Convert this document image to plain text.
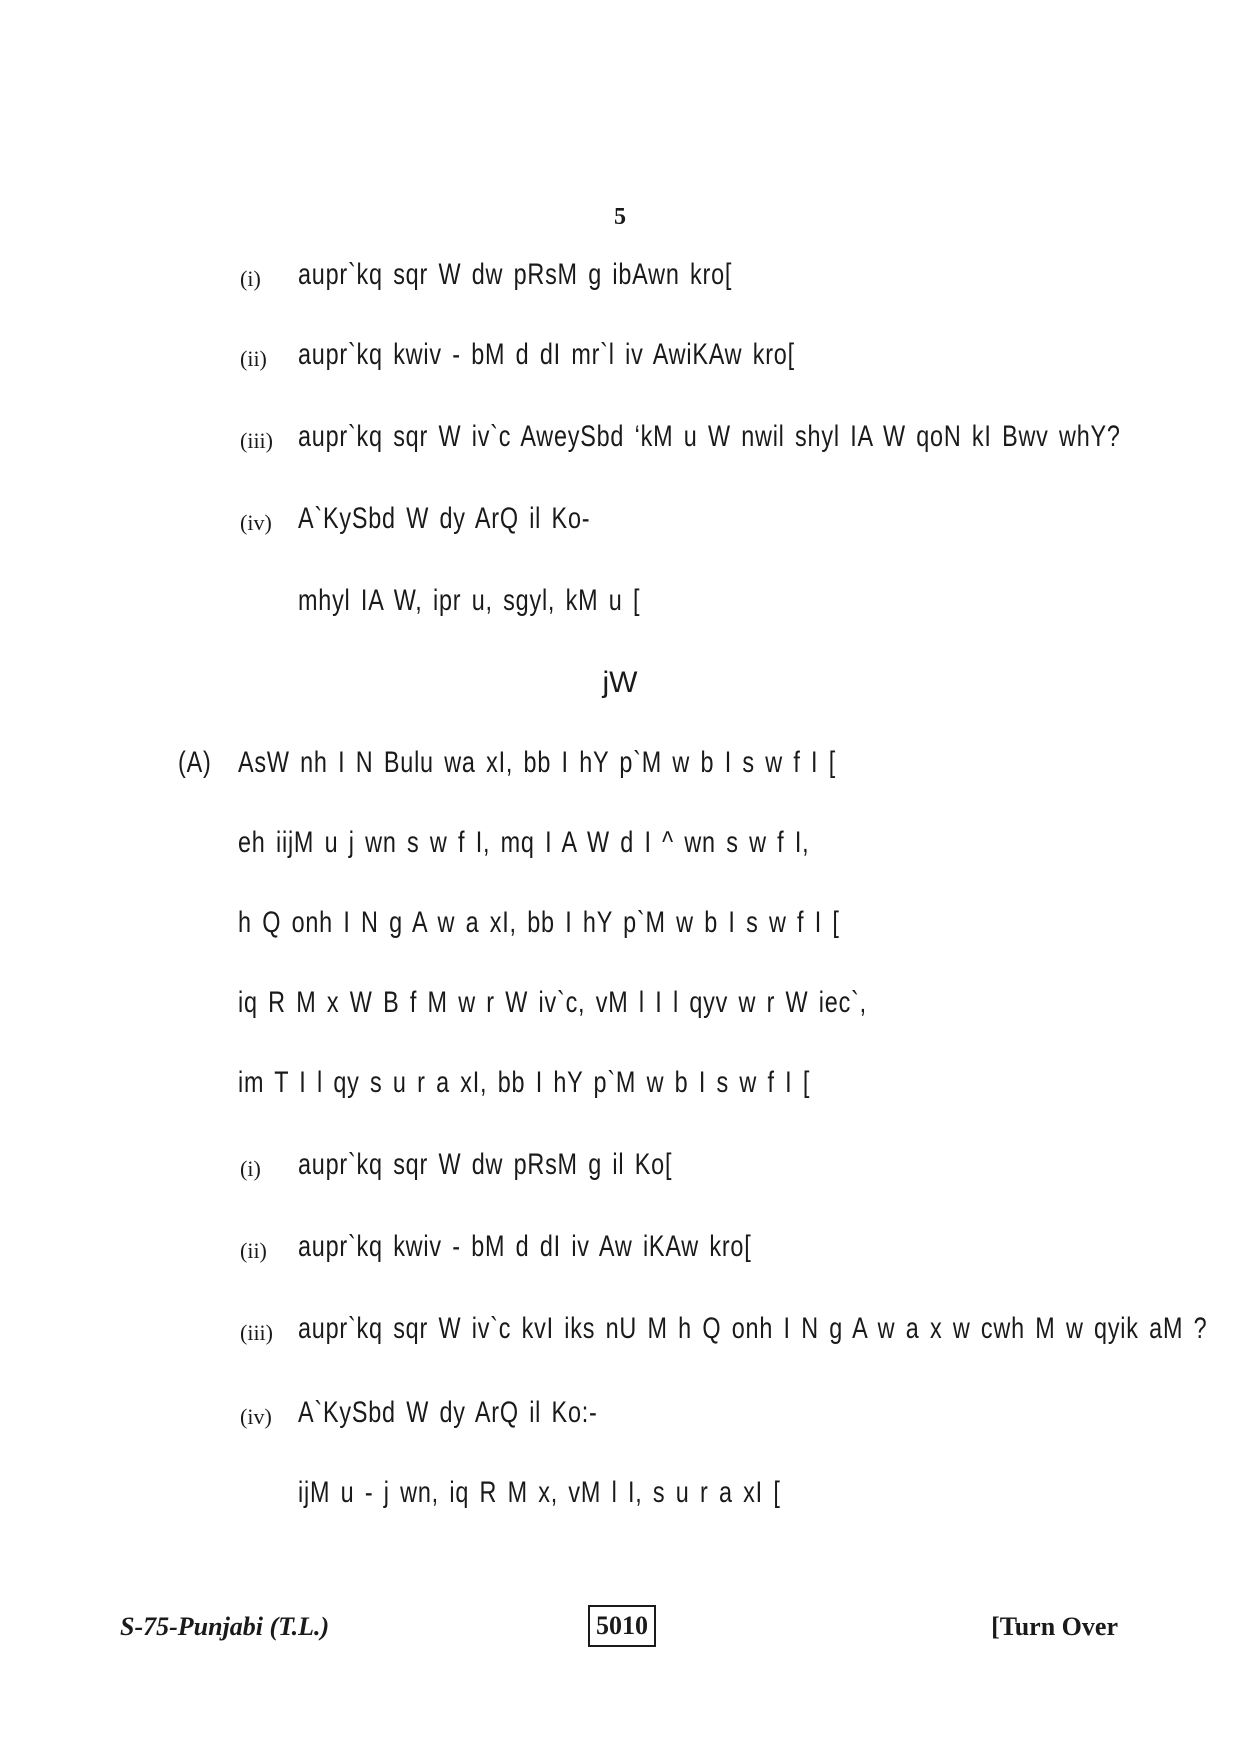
5
(i) aupr`kq sqr W dw pRsM g ibAwn kro[
(ii) aupr`kq kwiv - bM d dI mr`l iv AwiKAw kro[
(iii) aupr`kq sqr W iv`c AweySbd ‘kM u W nwil shyl IA W qoN kI Bwv whY?
(iv) A`KySbd W dy ArQ il Ko-
mhyl IA W, ipr u, sgyl, kM u [
jW
(A) AsW nh I N Bulu wa xI, bb I hY p`M w b I s w f I [
eh iijM u j wn s w f I, mq I A W d I ^ wn s w f I,
h Q onh I N g A w a xI, bb I hY p`M w b I s w f I [
iq R M x W B f M w r W iv`c, vM l I l qyv w r W iec`,
im T I l qy s u r a xI, bb I hY p`M w b I s w f I [
(i) aupr`kq sqr W dw pRsM g il Ko[
(ii) aupr`kq kwiv - bM d dI iv Aw iKAw kro[
(iii) aupr`kq sqr W iv`c kvI iks nU M h Q onh I N g A w a x w cwh M w qyik aM ?
(iv) A`KySbd W dy ArQ il Ko:-
ijM u - j wn, iq R M x, vM l I, s u r a xI [
S-75-Punjabi (T.L.)	5010	[Turn Over
